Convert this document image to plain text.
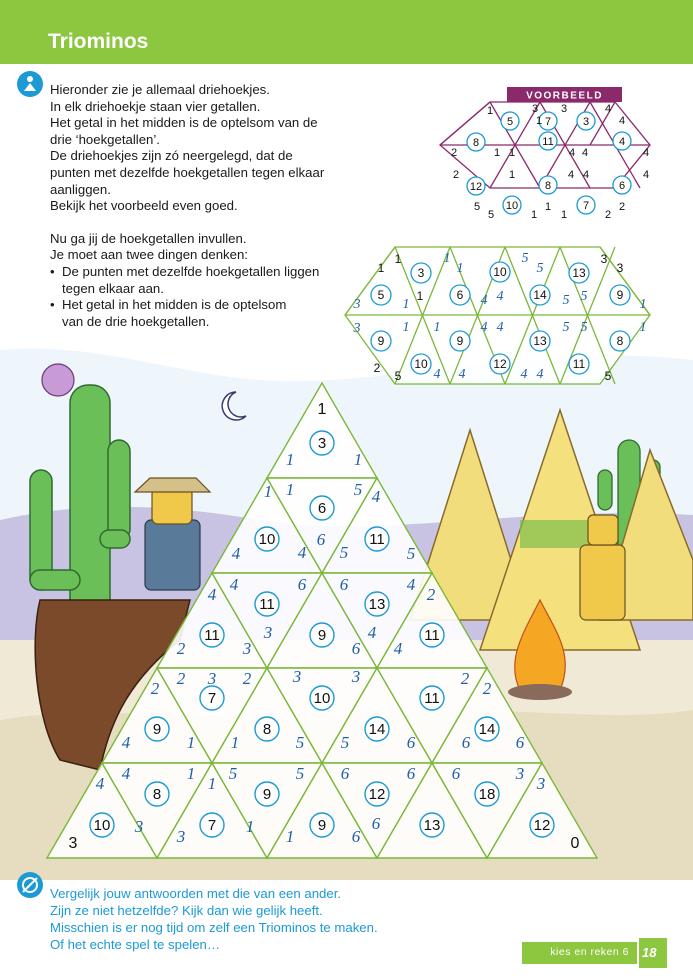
Triominos

Hieronder zie je allemaal driehoekjes.

In elk driehoekje staan vier getallen.

Het getal in het midden is de optelsom van de

drie ‘hoekgetallen’.

De driehoekjes zijn zó neergelegd, dat de

punten met dezelfde hoekgetallen tegen elkaar

aanliggen.

Bekijk het voorbeeld even goed.

Nu ga jij de hoekgetallen invullen.

Je moet aan twee dingen denken:

• De punten met dezelfde hoekgetallen liggen
tegen elkaar aan.
• Het getal in het midden is de optelsom
van de drie hoekgetallen.
VOORBEELD
5	3
11	4
8
12	8	6
10	7
7
1	3 3	4
1	4
2	1 1	4 4	4
2	1	4 4	4
5
5	1 1
1	2
2
3	10	13
5	6	14	9
9	9	13	8
10	12	11
1
1	3
3
1
2
5	5
1
1
5
5
3	1	4 4	5 5
1
3	1 1	4 4	5 5	1
4 4	4 4
3
6
10	11
11	13
11	9	11
7	10	11
9	8	14	14
8	9	12	18
10	7	9	13	12
1
3	0
1	1
1 1	5 4
4	4
6
5	5
4
4
6 6	4
2
2	3
3
6
4
4
2
2
2
3	3
3	2
2
4	1 1	5 5	6	6	6
4
4
1
1
5	5 6	6 6	3
3
3
3
1
1	6
6

Vergelijk jouw antwoorden met die van een ander.

Zijn ze niet hetzelfde? Kijk dan wie gelijk heeft.

Misschien is er nog tijd om zelf een Triominos te maken.

Of het echte spel te spelen…	kies en reken 6 18
